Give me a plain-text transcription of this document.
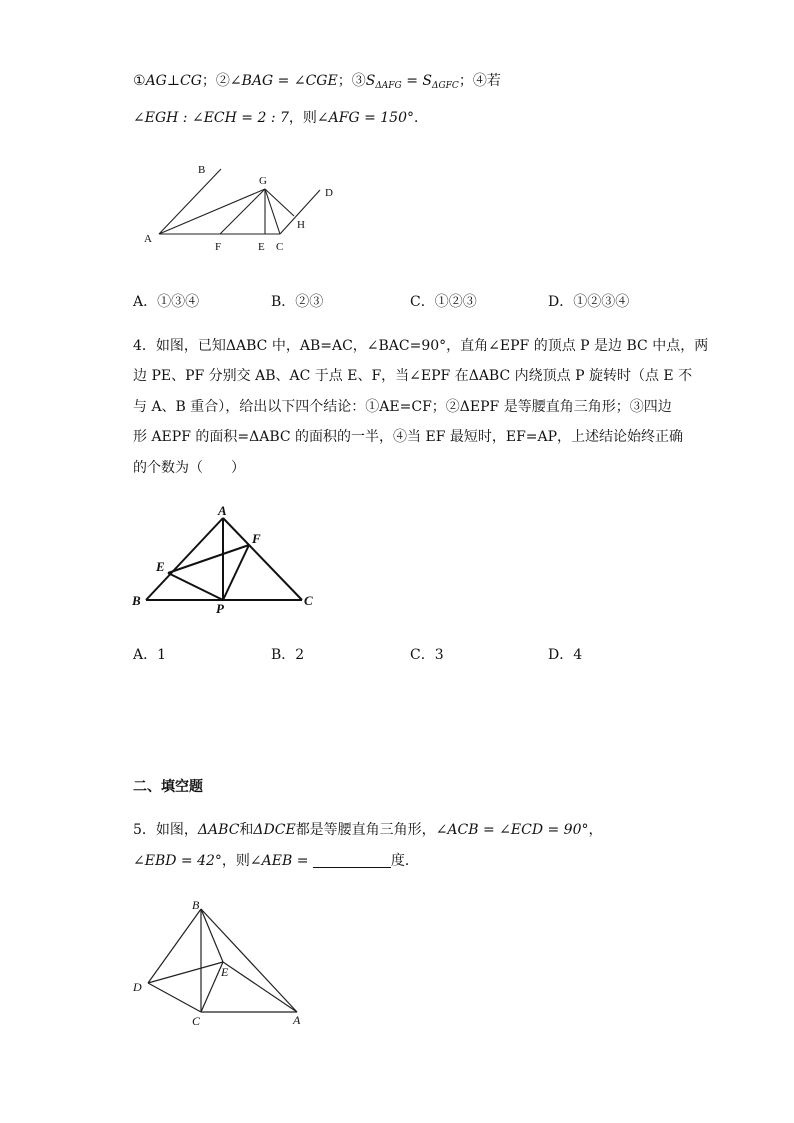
①AG⊥CG；②∠BAG = ∠CGE；$③S_{\Delta AFG} = S_{\Delta GFC}$；④若
∠EGH : ∠ECH = 2 : 7，则∠AFG = 150°．
A
B
G
D
H
F	E C
A．①③④	B．②③	C．①②③	D．①②③④
4．如图，已知ΔABC 中，AB=AC，∠BAC=90°，直角∠EPF 的顶点 P 是边 BC 中点，两
边 PE、PF 分别交 AB、AC 于点 E、F，当∠EPF 在ΔABC 内绕顶点 P 旋转时（点 E 不
与 A、B 重合），给出以下四个结论：①AE=CF；②ΔEPF 是等腰直角三角形；③四边
形 AEPF 的面积=ΔABC 的面积的一半，④当 EF 最短时，EF=AP，上述结论始终正确
的个数为（　　）
A
F
E
B
P
C
A．1	B．2	C．3	D．4
二、填空题
5．如图，ΔABC和ΔDCE都是等腰直角三角形，∠ACB = ∠ECD = 90°，
∠EBD = 42°，则∠AEB =	度．
B
E
D
C	A
